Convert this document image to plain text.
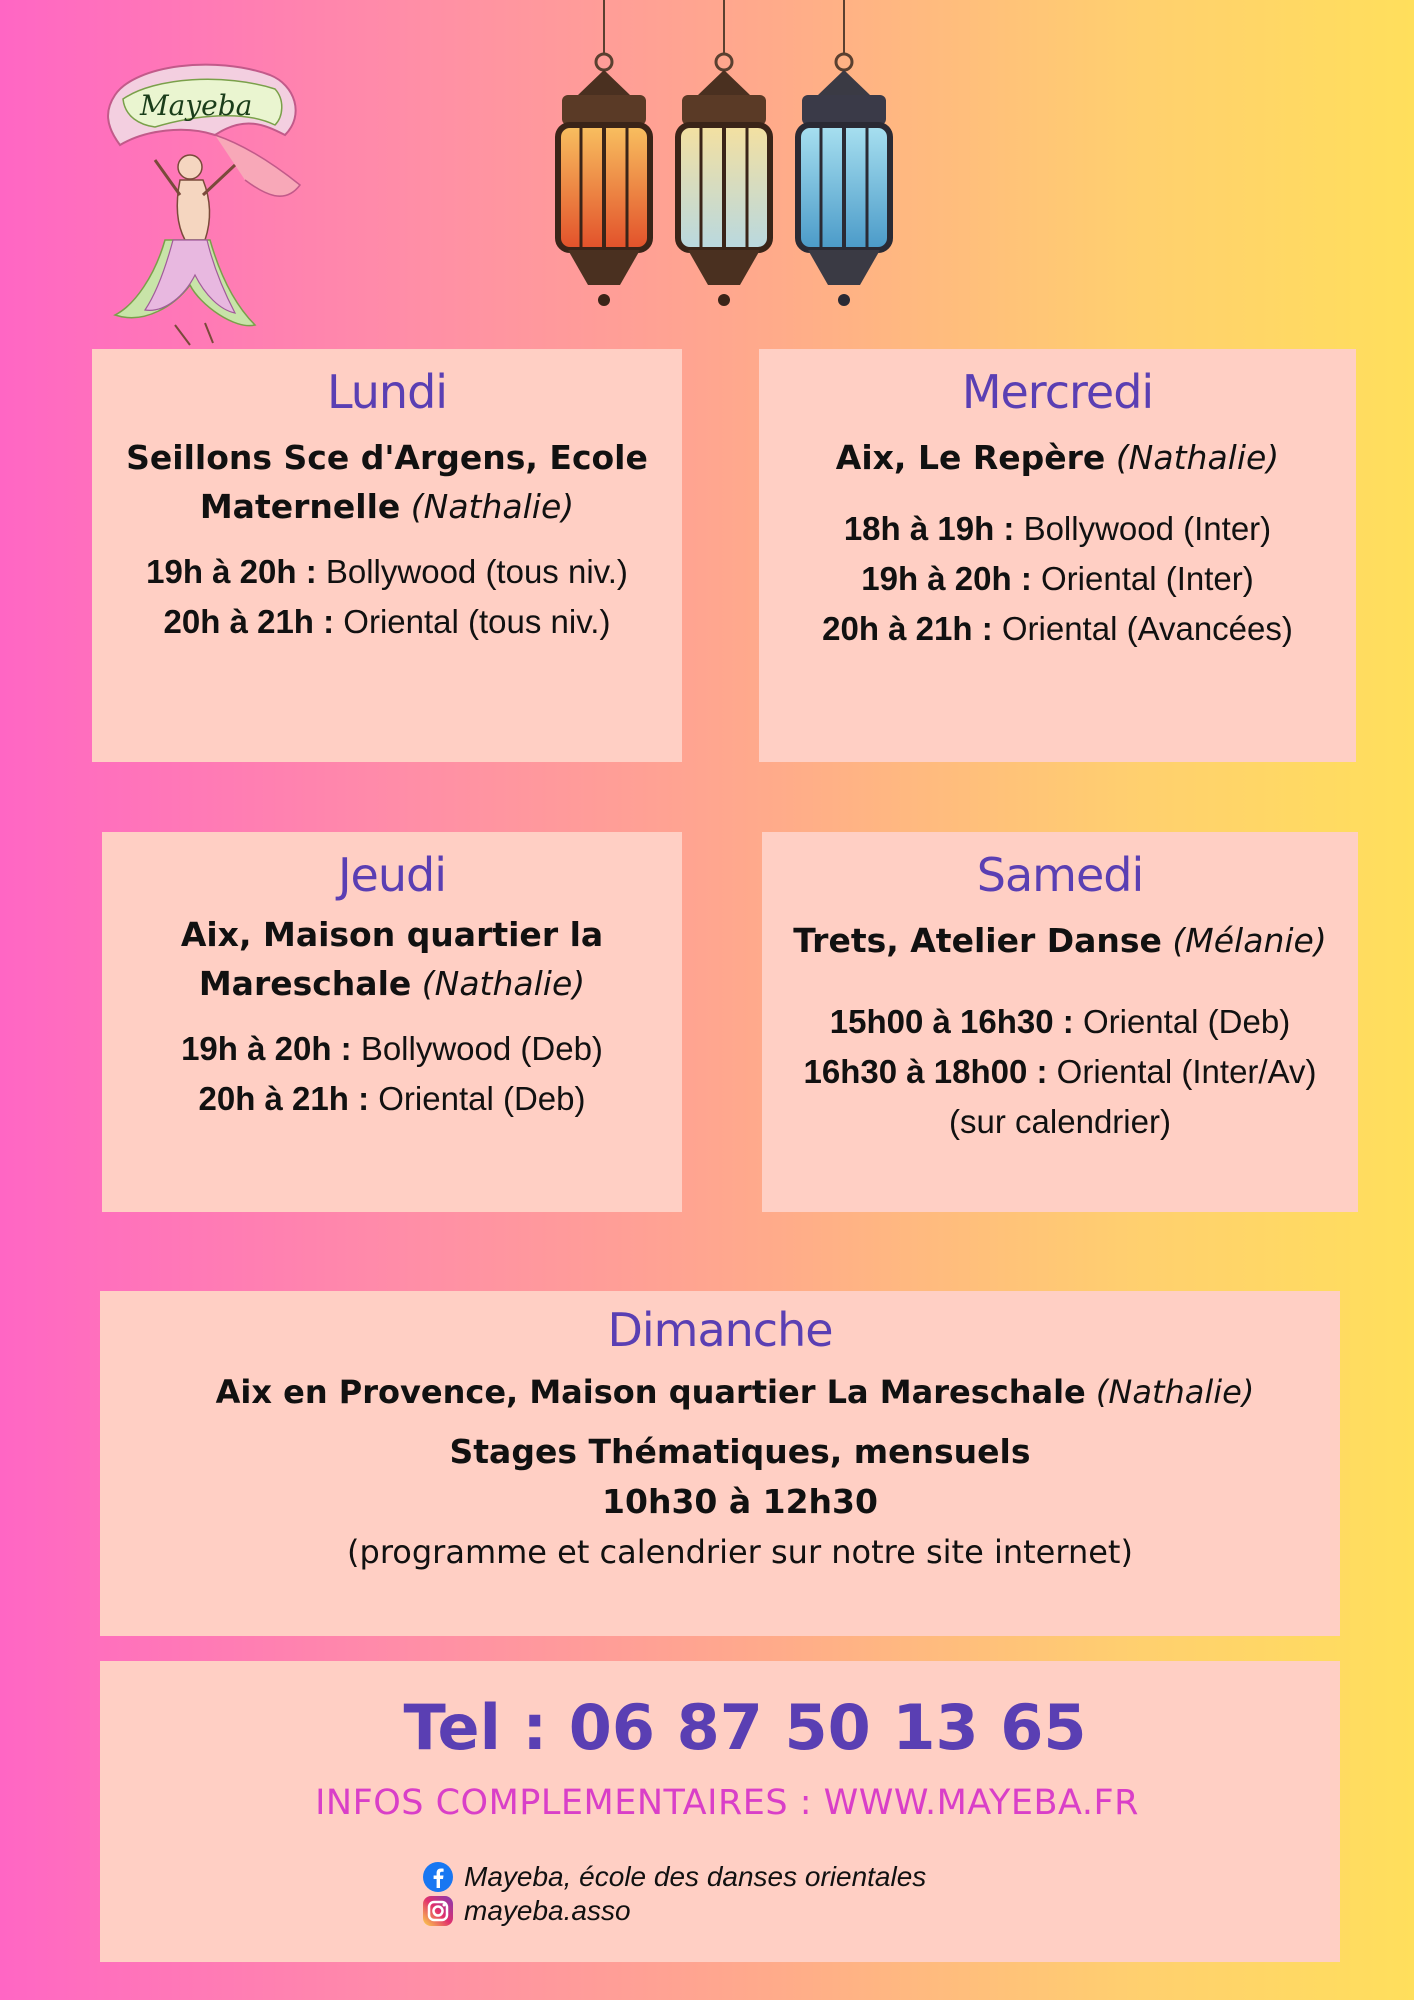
Mayeba
Lundi
Seillons Sce d'Argens, Ecole
Maternelle (Nathalie)
19h à 20h : Bollywood (tous niv.)
20h à 21h : Oriental (tous niv.)
Mercredi
Aix, Le Repère (Nathalie)
18h à 19h : Bollywood (Inter)
19h à 20h : Oriental (Inter)
20h à 21h : Oriental (Avancées)
Jeudi
Aix, Maison quartier la
Mareschale (Nathalie)
19h à 20h : Bollywood (Deb)
20h à 21h : Oriental (Deb)
Samedi
Trets, Atelier Danse (Mélanie)
15h00 à 16h30 : Oriental (Deb)
16h30 à 18h00 : Oriental (Inter/Av)
(sur calendrier)
Dimanche
Aix en Provence, Maison quartier La Mareschale (Nathalie)
Stages Thématiques, mensuels
10h30 à 12h30
(programme et calendrier sur notre site internet)
Tel : 06 87 50 13 65
INFOS COMPLEMENTAIRES : WWW.MAYEBA.FR
Mayeba, école des danses orientales
mayeba.asso
